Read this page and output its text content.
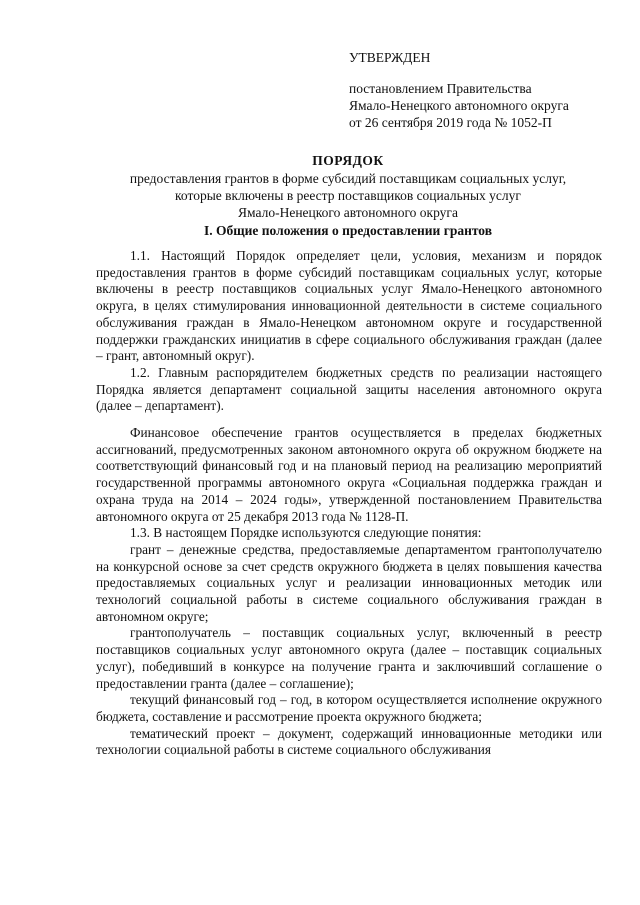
УТВЕРЖДЕН
постановлением Правительства
Ямало-Ненецкого автономного округа
от 26 сентября 2019 года № 1052-П
ПОРЯДОК
предоставления грантов в форме субсидий поставщикам социальных услуг,
которые включены в реестр поставщиков социальных услуг
Ямало-Ненецкого автономного округа
I. Общие положения о предоставлении грантов

1.1. Настоящий Порядок определяет цели, условия, механизм и порядок предоставления грантов в форме субсидий поставщикам социальных услуг, которые включены в реестр поставщиков социальных услуг Ямало-Ненецкого автономного округа, в целях стимулирования инновационной деятельности в системе социального обслуживания граждан в Ямало-Ненецком автономном округе и государственной поддержки гражданских инициатив в сфере социального обслуживания граждан (далее – грант, автономный округ).

1.2. Главным распорядителем бюджетных средств по реализации настоящего Порядка является департамент социальной защиты населения автономного округа (далее – департамент).

Финансовое обеспечение грантов осуществляется в пределах бюджетных ассигнований, предусмотренных законом автономного округа об окружном бюджете на соответствующий финансовый год и на плановый период на реализацию мероприятий государственной программы автономного округа «Социальная поддержка граждан и охрана труда на 2014 – 2024 годы», утвержденной постановлением Правительства автономного округа от 25 декабря 2013 года № 1128-П.

1.3. В настоящем Порядке используются следующие понятия:

грант – денежные средства, предоставляемые департаментом грантополучателю на конкурсной основе за счет средств окружного бюджета в целях повышения качества предоставляемых социальных услуг и реализации инновационных методик или технологий социальной работы в системе социального обслуживания граждан в автономном округе;

грантополучатель – поставщик социальных услуг, включенный в реестр поставщиков социальных услуг автономного округа (далее – поставщик социальных услуг), победивший в конкурсе на получение гранта и заключивший соглашение о предоставлении гранта (далее – соглашение);

текущий финансовый год – год, в котором осуществляется исполнение окружного бюджета, составление и рассмотрение проекта окружного бюджета;

тематический проект – документ, содержащий инновационные методики или технологии социальной работы в системе социального обслуживания
